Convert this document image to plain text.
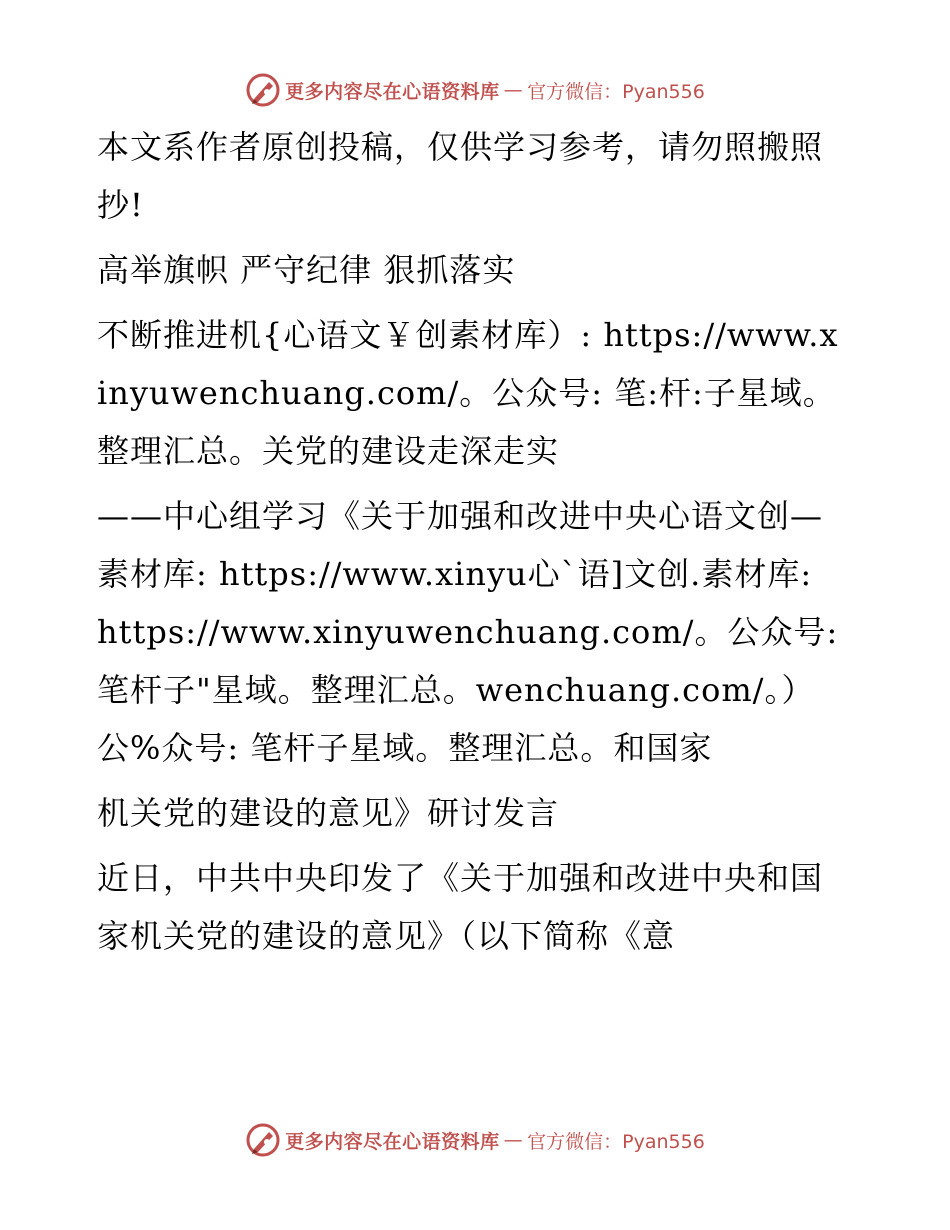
更多内容尽在心语资料库 — 官方微信：Pyan556

本文系作者原创投稿，仅供学习参考，请勿照搬照抄!

高举旗帜 严守纪律 狠抓落实

不断推进机{心语文￥创素材库）: https://www.xinyuwenchuang.com/。公众号: 笔:杆:子星域。整理汇总。关党的建设走深走实

——中心组学习《关于加强和改进中央心语文创—素材库: https://www.xinyu心`语]文创.素材库: https://www.xinyuwenchuang.com/。公众号: 笔杆子"星域。整理汇总。wenchuang.com/。）公%众号: 笔杆子星域。整理汇总。和国家

机关党的建设的意见》研讨发言

近日，中共中央印发了《关于加强和改进中央和国家机关党的建设的意见》（以下简称《意

更多内容尽在心语资料库 — 官方微信：Pyan556
